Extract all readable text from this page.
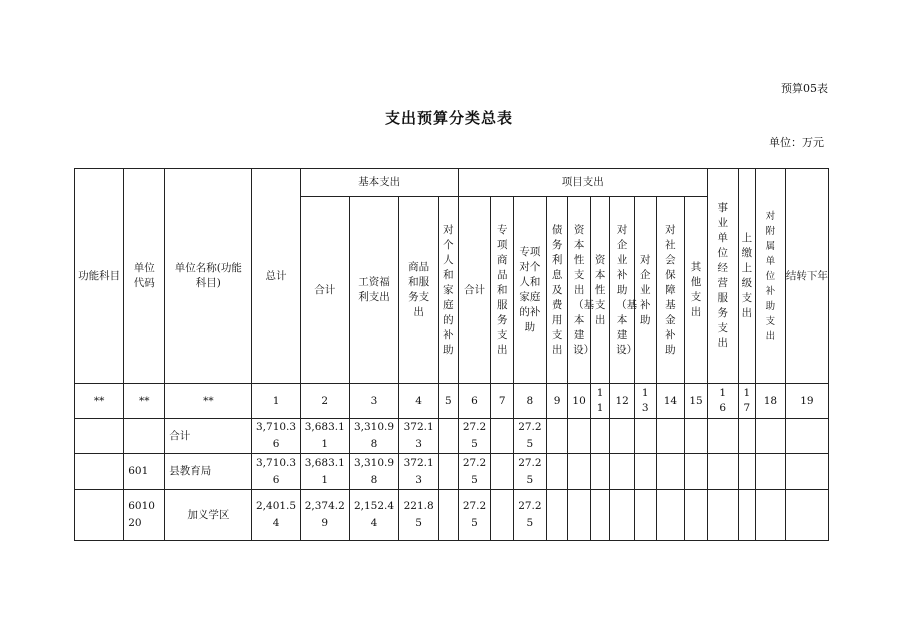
预算05表
支出预算分类总表
单位：万元
功能科目	单位代码	单位名称(功能科目)	总计	基本支出				项目支出										事业单位经营服务支出	上缴上级支出	对附属单位补助支出	结转下年
				合计	工资福利支出	商品和服务支出	对个人和家庭的补助	合计	专项商品和服务支出	专项对个人和家庭的补助	债务利息及费用支出	资本性支出（基本建设）	资本性支出	对企业补助（基本建设）	对企业补助	对社会保障基金补助	其他支出				
**	**	**	1	2	3	4	5	6	7	8	9	10	11	12	13	14	15	16	17	18	19
		合计	3,710.36	3,683.11	3,310.98	372.13		27.25		27.25											
	601	县教育局	3,710.36	3,683.11	3,310.98	372.13		27.25		27.25											
	601020	加义学区	2,401.54	2,374.29	2,152.44	221.85		27.25		27.25											
